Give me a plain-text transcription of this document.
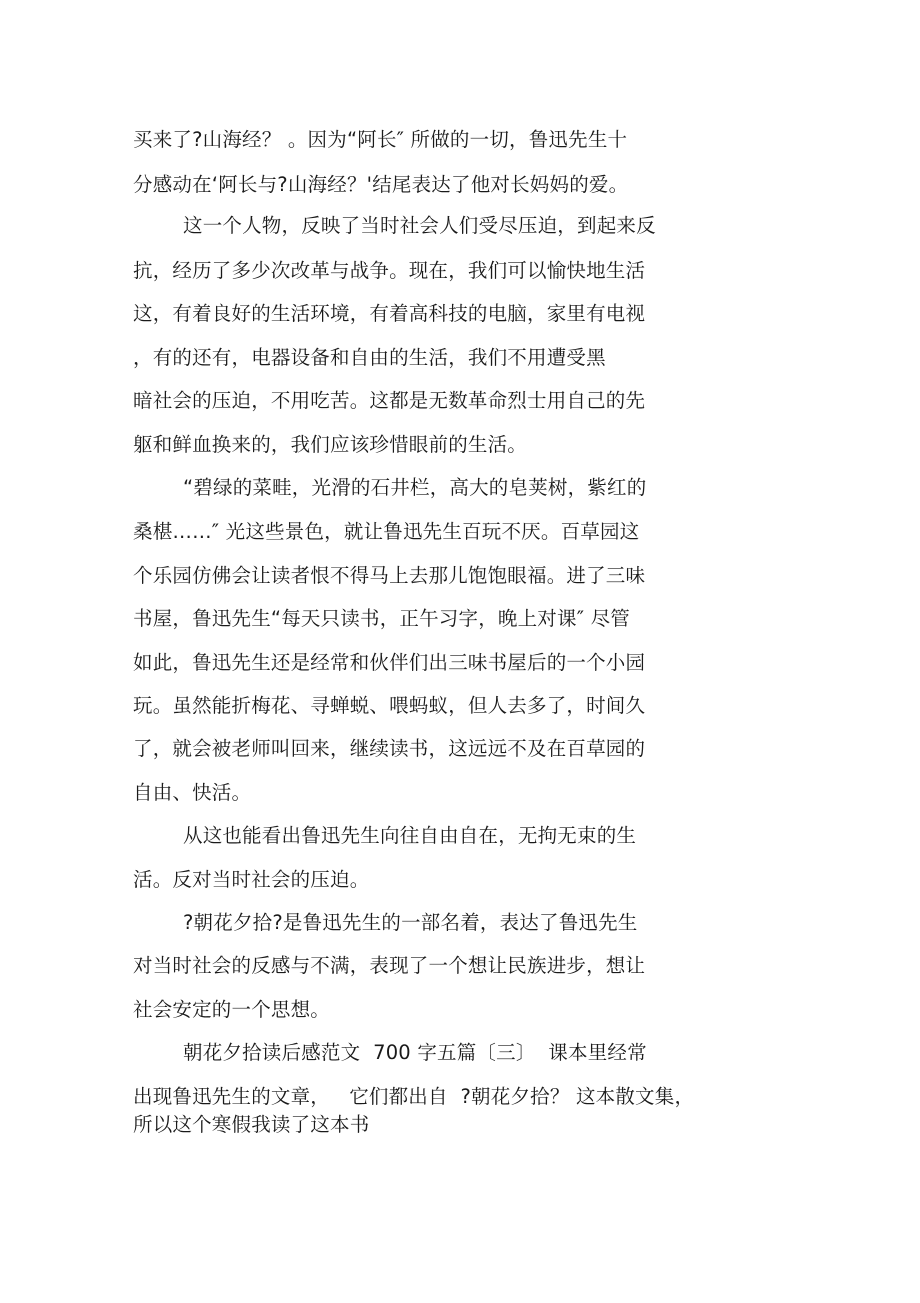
买来了?山海经？ 。因为“阿长″ 所做的一切，鲁迅先生十
分感动在‘阿长与?山海经？'结尾表达了他对长妈妈的爱。
这一个人物，反映了当时社会人们受尽压迫，到起来反
抗，经历了多少次改革与战争。现在，我们可以愉快地生活
这，有着良好的生活环境，有着高科技的电脑，家里有电视
，有的还有，电器设备和自由的生活，我们不用遭受黑
暗社会的压迫，不用吃苦。这都是无数革命烈士用自己的先
躯和鲜血换来的，我们应该珍惜眼前的生活。
“碧绿的菜畦，光滑的石井栏，高大的皂荚树，紫红的
桑椹……″ 光这些景色，就让鲁迅先生百玩不厌。百草园这
个乐园仿佛会让读者恨不得马上去那儿饱饱眼福。进了三味
书屋，鲁迅先生“每天只读书，正午习字，晚上对课″ 尽管
如此，鲁迅先生还是经常和伙伴们出三味书屋后的一个小园
玩。虽然能折梅花、寻蝉蜕、喂蚂蚁，但人去多了，时间久
了，就会被老师叫回来，继续读书，这远远不及在百草园的
自由、快活。
从这也能看出鲁迅先生向往自由自在，无拘无束的生
活。反对当时社会的压迫。
?朝花夕拾?是鲁迅先生的一部名着，表达了鲁迅先生
对当时社会的反感与不满，表现了一个想让民族进步，想让
社会安定的一个思想。
朝花夕拾读后感范文  700 字五篇〔三〕  课本里经常
出现鲁迅先生的文章，   它们都出自  ?朝花夕拾？ 这本散文集，
所以这个寒假我读了这本书
